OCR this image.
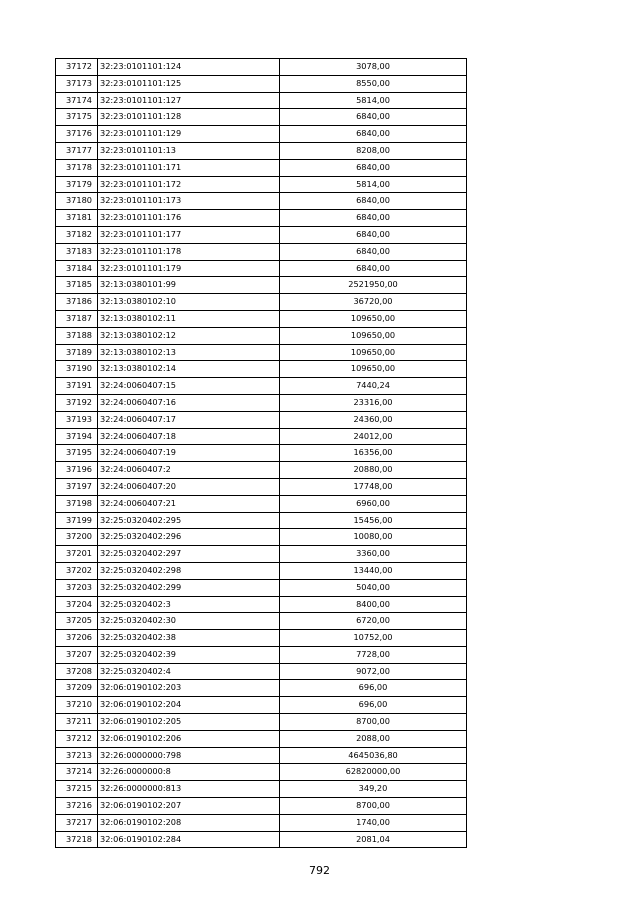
37172	32:23:0101101:124	3078,00
37173	32:23:0101101:125	8550,00
37174	32:23:0101101:127	5814,00
37175	32:23:0101101:128	6840,00
37176	32:23:0101101:129	6840,00
37177	32:23:0101101:13	8208,00
37178	32:23:0101101:171	6840,00
37179	32:23:0101101:172	5814,00
37180	32:23:0101101:173	6840,00
37181	32:23:0101101:176	6840,00
37182	32:23:0101101:177	6840,00
37183	32:23:0101101:178	6840,00
37184	32:23:0101101:179	6840,00
37185	32:13:0380101:99	2521950,00
37186	32:13:0380102:10	36720,00
37187	32:13:0380102:11	109650,00
37188	32:13:0380102:12	109650,00
37189	32:13:0380102:13	109650,00
37190	32:13:0380102:14	109650,00
37191	32:24:0060407:15	7440,24
37192	32:24:0060407:16	23316,00
37193	32:24:0060407:17	24360,00
37194	32:24:0060407:18	24012,00
37195	32:24:0060407:19	16356,00
37196	32:24:0060407:2	20880,00
37197	32:24:0060407:20	17748,00
37198	32:24:0060407:21	6960,00
37199	32:25:0320402:295	15456,00
37200	32:25:0320402:296	10080,00
37201	32:25:0320402:297	3360,00
37202	32:25:0320402:298	13440,00
37203	32:25:0320402:299	5040,00
37204	32:25:0320402:3	8400,00
37205	32:25:0320402:30	6720,00
37206	32:25:0320402:38	10752,00
37207	32:25:0320402:39	7728,00
37208	32:25:0320402:4	9072,00
37209	32:06:0190102:203	696,00
37210	32:06:0190102:204	696,00
37211	32:06:0190102:205	8700,00
37212	32:06:0190102:206	2088,00
37213	32:26:0000000:798	4645036,80
37214	32:26:0000000:8	62820000,00
37215	32:26:0000000:813	349,20
37216	32:06:0190102:207	8700,00
37217	32:06:0190102:208	1740,00
37218	32:06:0190102:284	2081,04
792
